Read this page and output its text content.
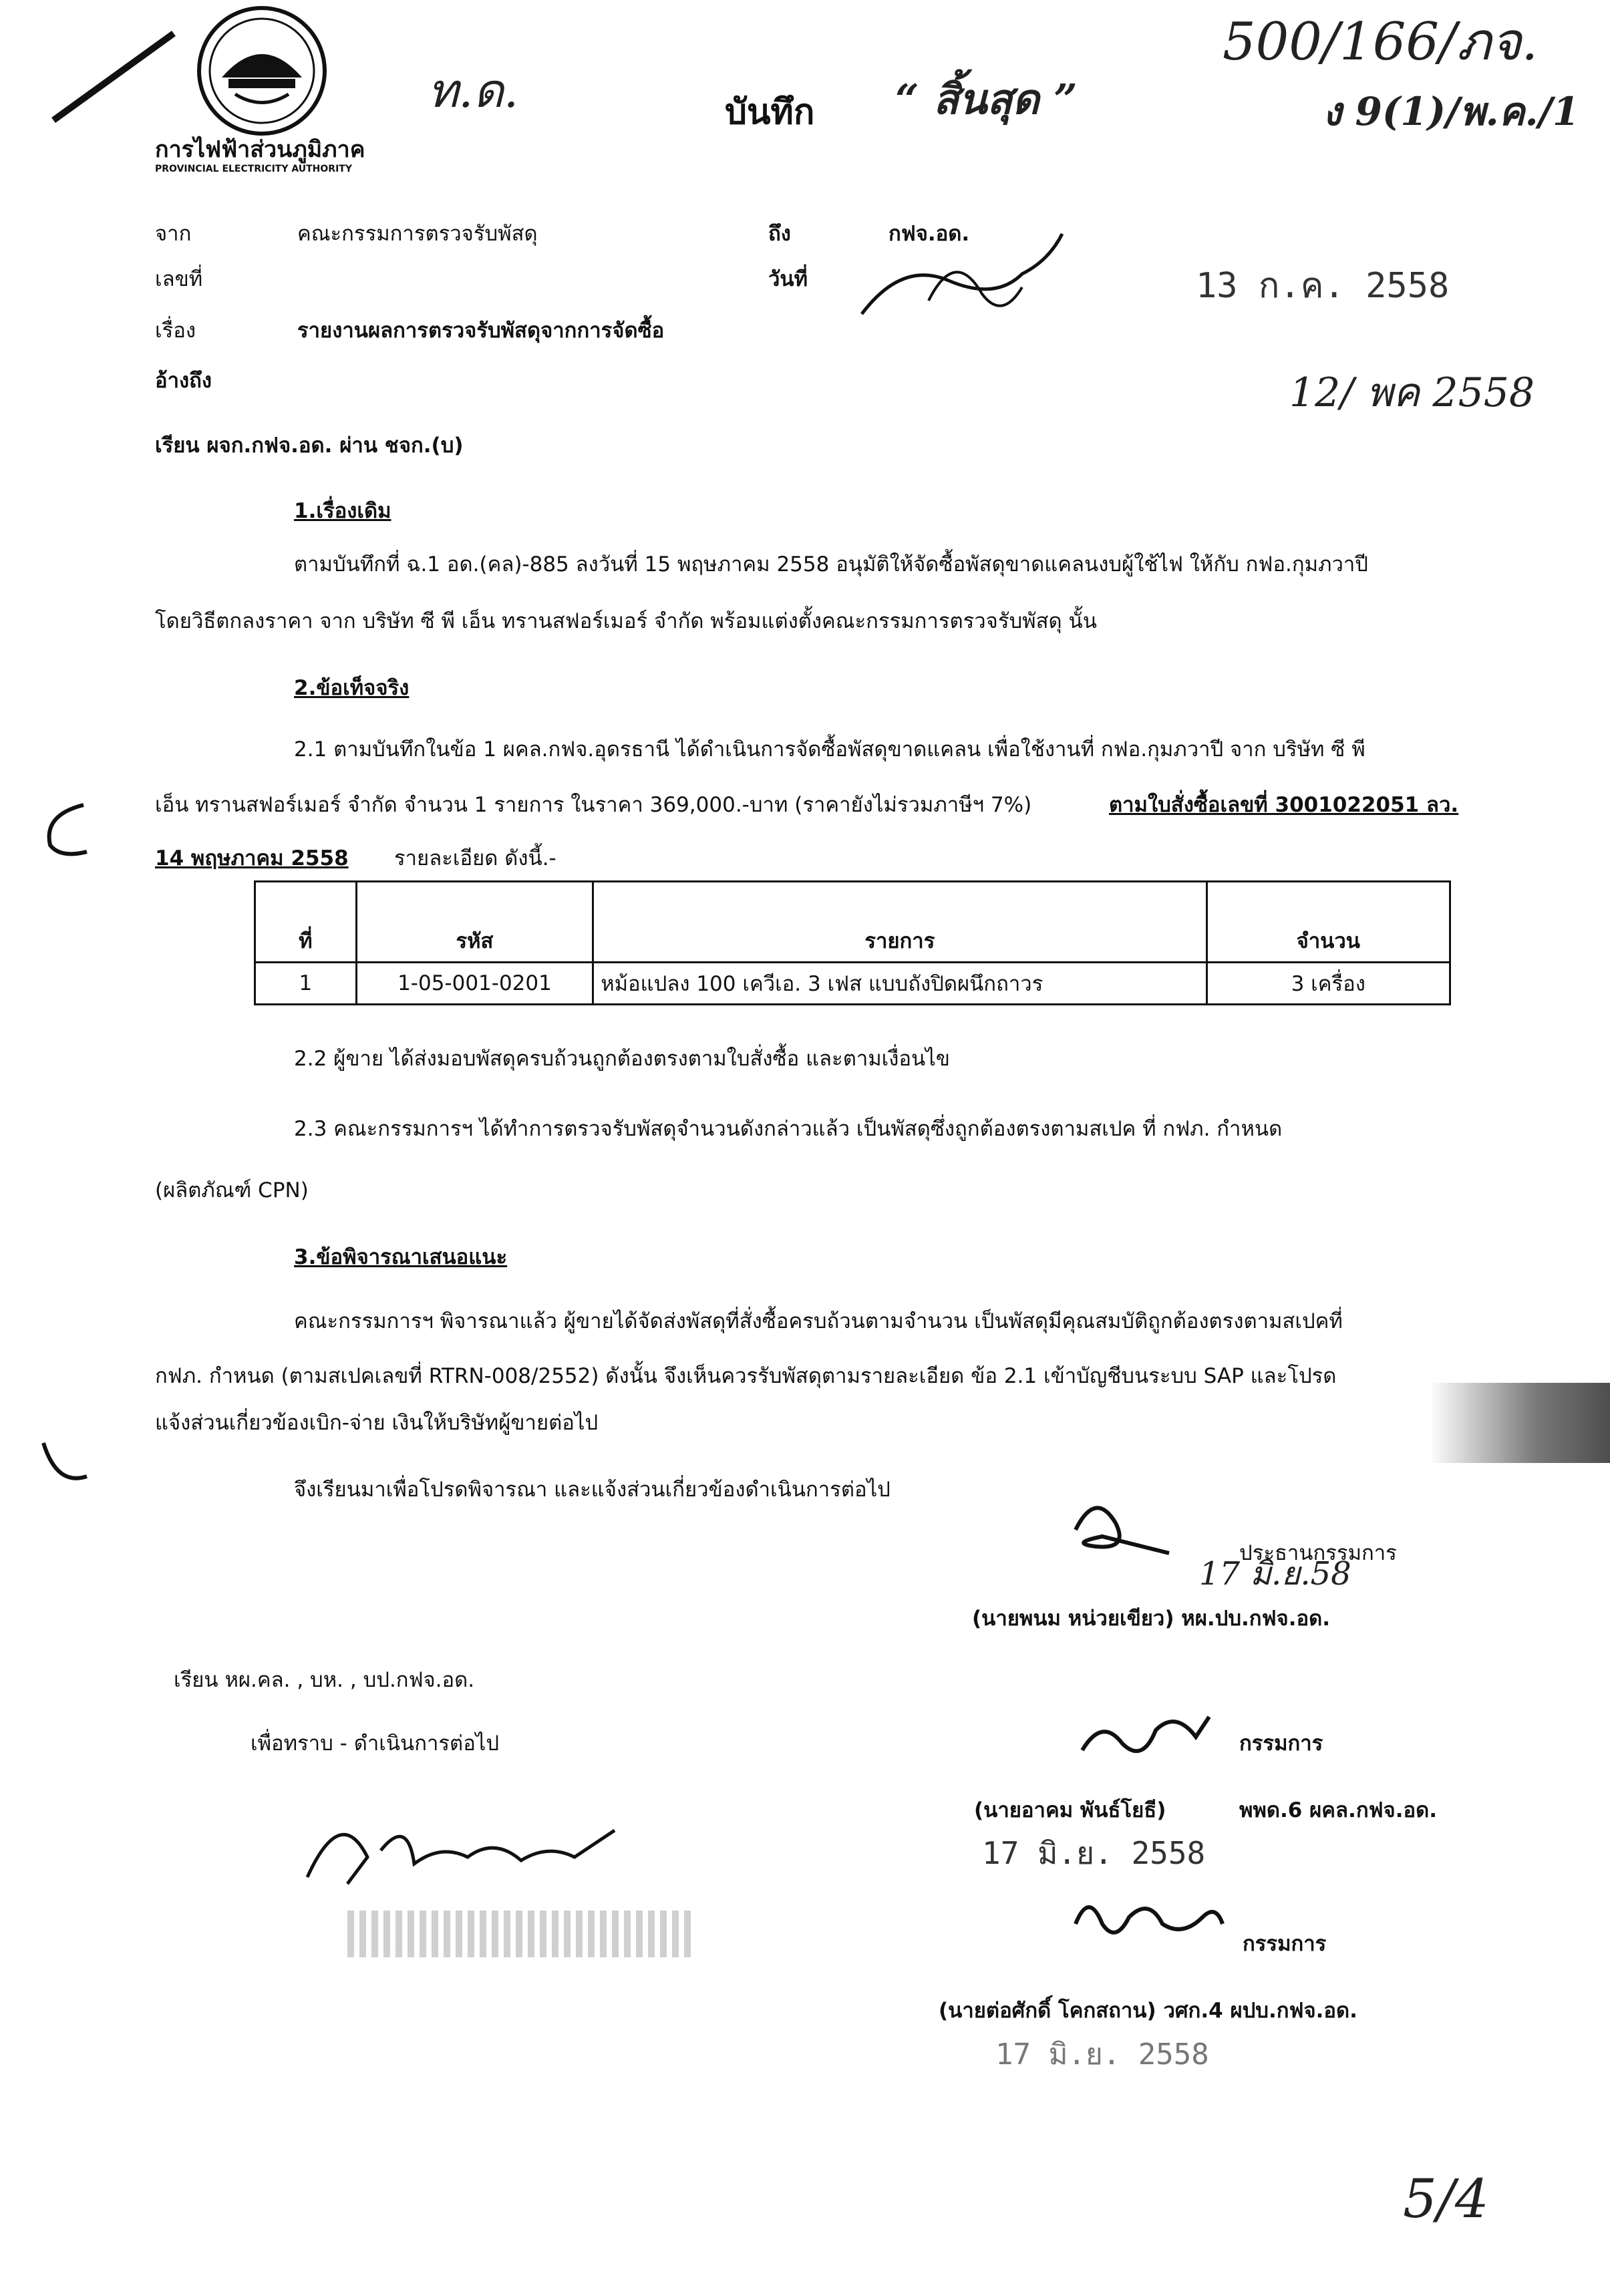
การไฟฟ้าส่วนภูมิภาค
PROVINCIAL ELECTRICITY AUTHORITY
ท.ด.	บันทึก “ สิ้นสุด ”
500/166/ภจ.
ง 9(1)/พ.ค./1
จาก	คณะกรรมการตรวจรับพัสดุ	ถึง	กฟจ.อด.
เลขที่	วันที่	13 ก.ค. 2558
เรื่อง	รายงานผลการตรวจรับพัสดุจากการจัดซื้อ
อ้างถึง	12/ พค 2558
เรียน ผจก.กฟจ.อด. ผ่าน ชจก.(บ)
1.เรื่องเดิม
ตามบันทึกที่ ฉ.1 อด.(คล)-885 ลงวันที่ 15 พฤษภาคม 2558 อนุมัติให้จัดซื้อพัสดุขาดแคลนงบผู้ใช้ไฟ ให้กับ กฟอ.กุมภวาปี
โดยวิธีตกลงราคา จาก บริษัท ซี พี เอ็น ทรานสฟอร์เมอร์ จำกัด พร้อมแต่งตั้งคณะกรรมการตรวจรับพัสดุ นั้น
2.ข้อเท็จจริง
2.1 ตามบันทึกในข้อ 1 ผคล.กฟจ.อุดรธานี ได้ดำเนินการจัดซื้อพัสดุขาดแคลน เพื่อใช้งานที่ กฟอ.กุมภวาปี จาก บริษัท ซี พี
เอ็น ทรานสฟอร์เมอร์ จำกัด จำนวน 1 รายการ ในราคา 369,000.-บาท (ราคายังไม่รวมภาษีฯ 7%)	ตามใบสั่งซื้อเลขที่ 3001022051 ลว.
14 พฤษภาคม 2558 รายละเอียด ดังนี้.-
ที่	รหัส	รายการ	จำนวน
1	1-05-001-0201	หม้อแปลง 100 เควีเอ. 3 เฟส แบบถังปิดผนึกถาวร	3 เครื่อง
2.2 ผู้ขาย ได้ส่งมอบพัสดุครบถ้วนถูกต้องตรงตามใบสั่งซื้อ และตามเงื่อนไข
2.3 คณะกรรมการฯ ได้ทำการตรวจรับพัสดุจำนวนดังกล่าวแล้ว เป็นพัสดุซึ่งถูกต้องตรงตามสเปค ที่ กฟภ. กำหนด
(ผลิตภัณฑ์ CPN)
3.ข้อพิจารณาเสนอแนะ
คณะกรรมการฯ พิจารณาแล้ว ผู้ขายได้จัดส่งพัสดุที่สั่งซื้อครบถ้วนตามจำนวน เป็นพัสดุมีคุณสมบัติถูกต้องตรงตามสเปคที่
กฟภ. กำหนด (ตามสเปคเลขที่ RTRN-008/2552) ดังนั้น จึงเห็นควรรับพัสดุตามรายละเอียด ข้อ 2.1 เข้าบัญชีบนระบบ SAP และโปรด
แจ้งส่วนเกี่ยวข้องเบิก-จ่าย เงินให้บริษัทผู้ขายต่อไป
จึงเรียนมาเพื่อโปรดพิจารณา และแจ้งส่วนเกี่ยวข้องดำเนินการต่อไป
17 มิ.ย.58
ประธานกรรมการ
(นายพนม หน่วยเขียว) หผ.ปบ.กฟจ.อด.
เรียน หผ.คล. , บห. , บป.กฟจ.อด.
เพื่อทราบ - ดำเนินการต่อไป	กรรมการ
(นายอาคม พันธ์โยธี)	พพด.6 ผคล.กฟจ.อด.
17 มิ.ย. 2558
กรรมการ
(นายต่อศักดิ์ โคกสถาน) วศก.4 ผปบ.กฟจ.อด.
17 มิ.ย. 2558
5/4
